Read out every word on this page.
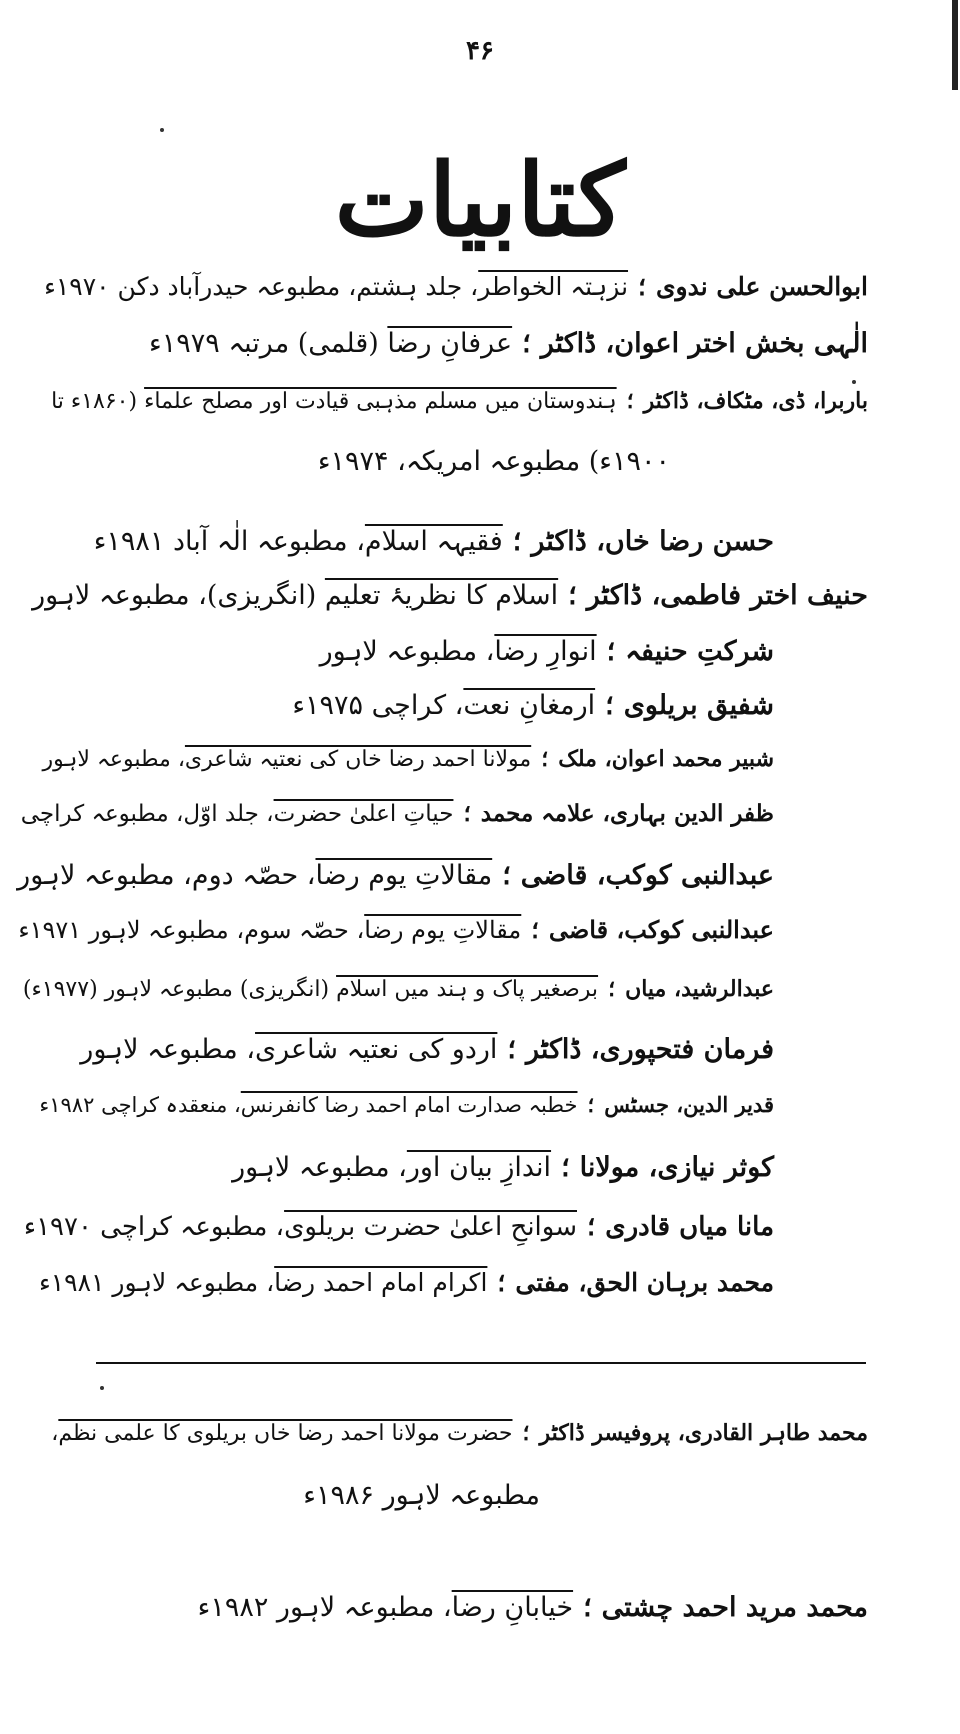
۴۶
کتابیات
ابوالحسن علی ندوی؛نزہتہ الخواطر، جلد ہشتم، مطبوعہ حیدرآباد دکن ۱۹۷۰ء
الٰہی بخش اختر اعوان، ڈاکٹر؛عرفانِ رضا (قلمی) مرتبہ ۱۹۷۹ء
باربرا، ڈی، مٹکاف، ڈاکٹر؛ہندوستان میں مسلم مذہبی قیادت اور مصلح علماء (۱۸۶۰ء تا
۱۹۰۰ء) مطبوعہ امریکہ، ۱۹۷۴ء
حسن رضا خاں، ڈاکٹر؛فقیہہ اسلام، مطبوعہ الٰہ آباد ۱۹۸۱ء
حنیف اختر فاطمی، ڈاکٹر؛اسلام کا نظریۂ تعلیم (انگریزی)، مطبوعہ لاہور
شرکتِ حنیفہ؛انوارِ رضا، مطبوعہ لاہور
شفیق بریلوی؛ارمغانِ نعت، کراچی ۱۹۷۵ء
شبیر محمد اعوان، ملک؛مولانا احمد رضا خاں کی نعتیہ شاعری، مطبوعہ لاہور
ظفر الدین بہاری، علامہ محمد؛حیاتِ اعلیٰ حضرت، جلد اوّل، مطبوعہ کراچی
عبدالنبی کوکب، قاضی؛مقالاتِ یوم رضا، حصّہ دوم، مطبوعہ لاہور
عبدالنبی کوکب، قاضی؛مقالاتِ یوم رضا، حصّہ سوم، مطبوعہ لاہور ۱۹۷۱ء
عبدالرشید، میاں؛برصغیر پاک و ہند میں اسلام (انگریزی) مطبوعہ لاہور (۱۹۷۷ء)
فرمان فتحپوری، ڈاکٹر؛اردو کی نعتیہ شاعری، مطبوعہ لاہور
قدیر الدین، جسٹس؛خطبہ صدارت امام احمد رضا کانفرنس، منعقدہ کراچی ۱۹۸۲ء
کوثر نیازی، مولانا؛اندازِ بیان اور، مطبوعہ لاہور
مانا میاں قادری؛سوانحِ اعلیٰ حضرت بریلوی، مطبوعہ کراچی ۱۹۷۰ء
محمد برہان الحق، مفتی؛اکرام امام احمد رضا، مطبوعہ لاہور ۱۹۸۱ء
محمد طاہر القادری، پروفیسر ڈاکٹر؛حضرت مولانا احمد رضا خاں بریلوی کا علمی نظم،
مطبوعہ لاہور ۱۹۸۶ء
محمد مرید احمد چشتی؛خیابانِ رضا، مطبوعہ لاہور ۱۹۸۲ء
